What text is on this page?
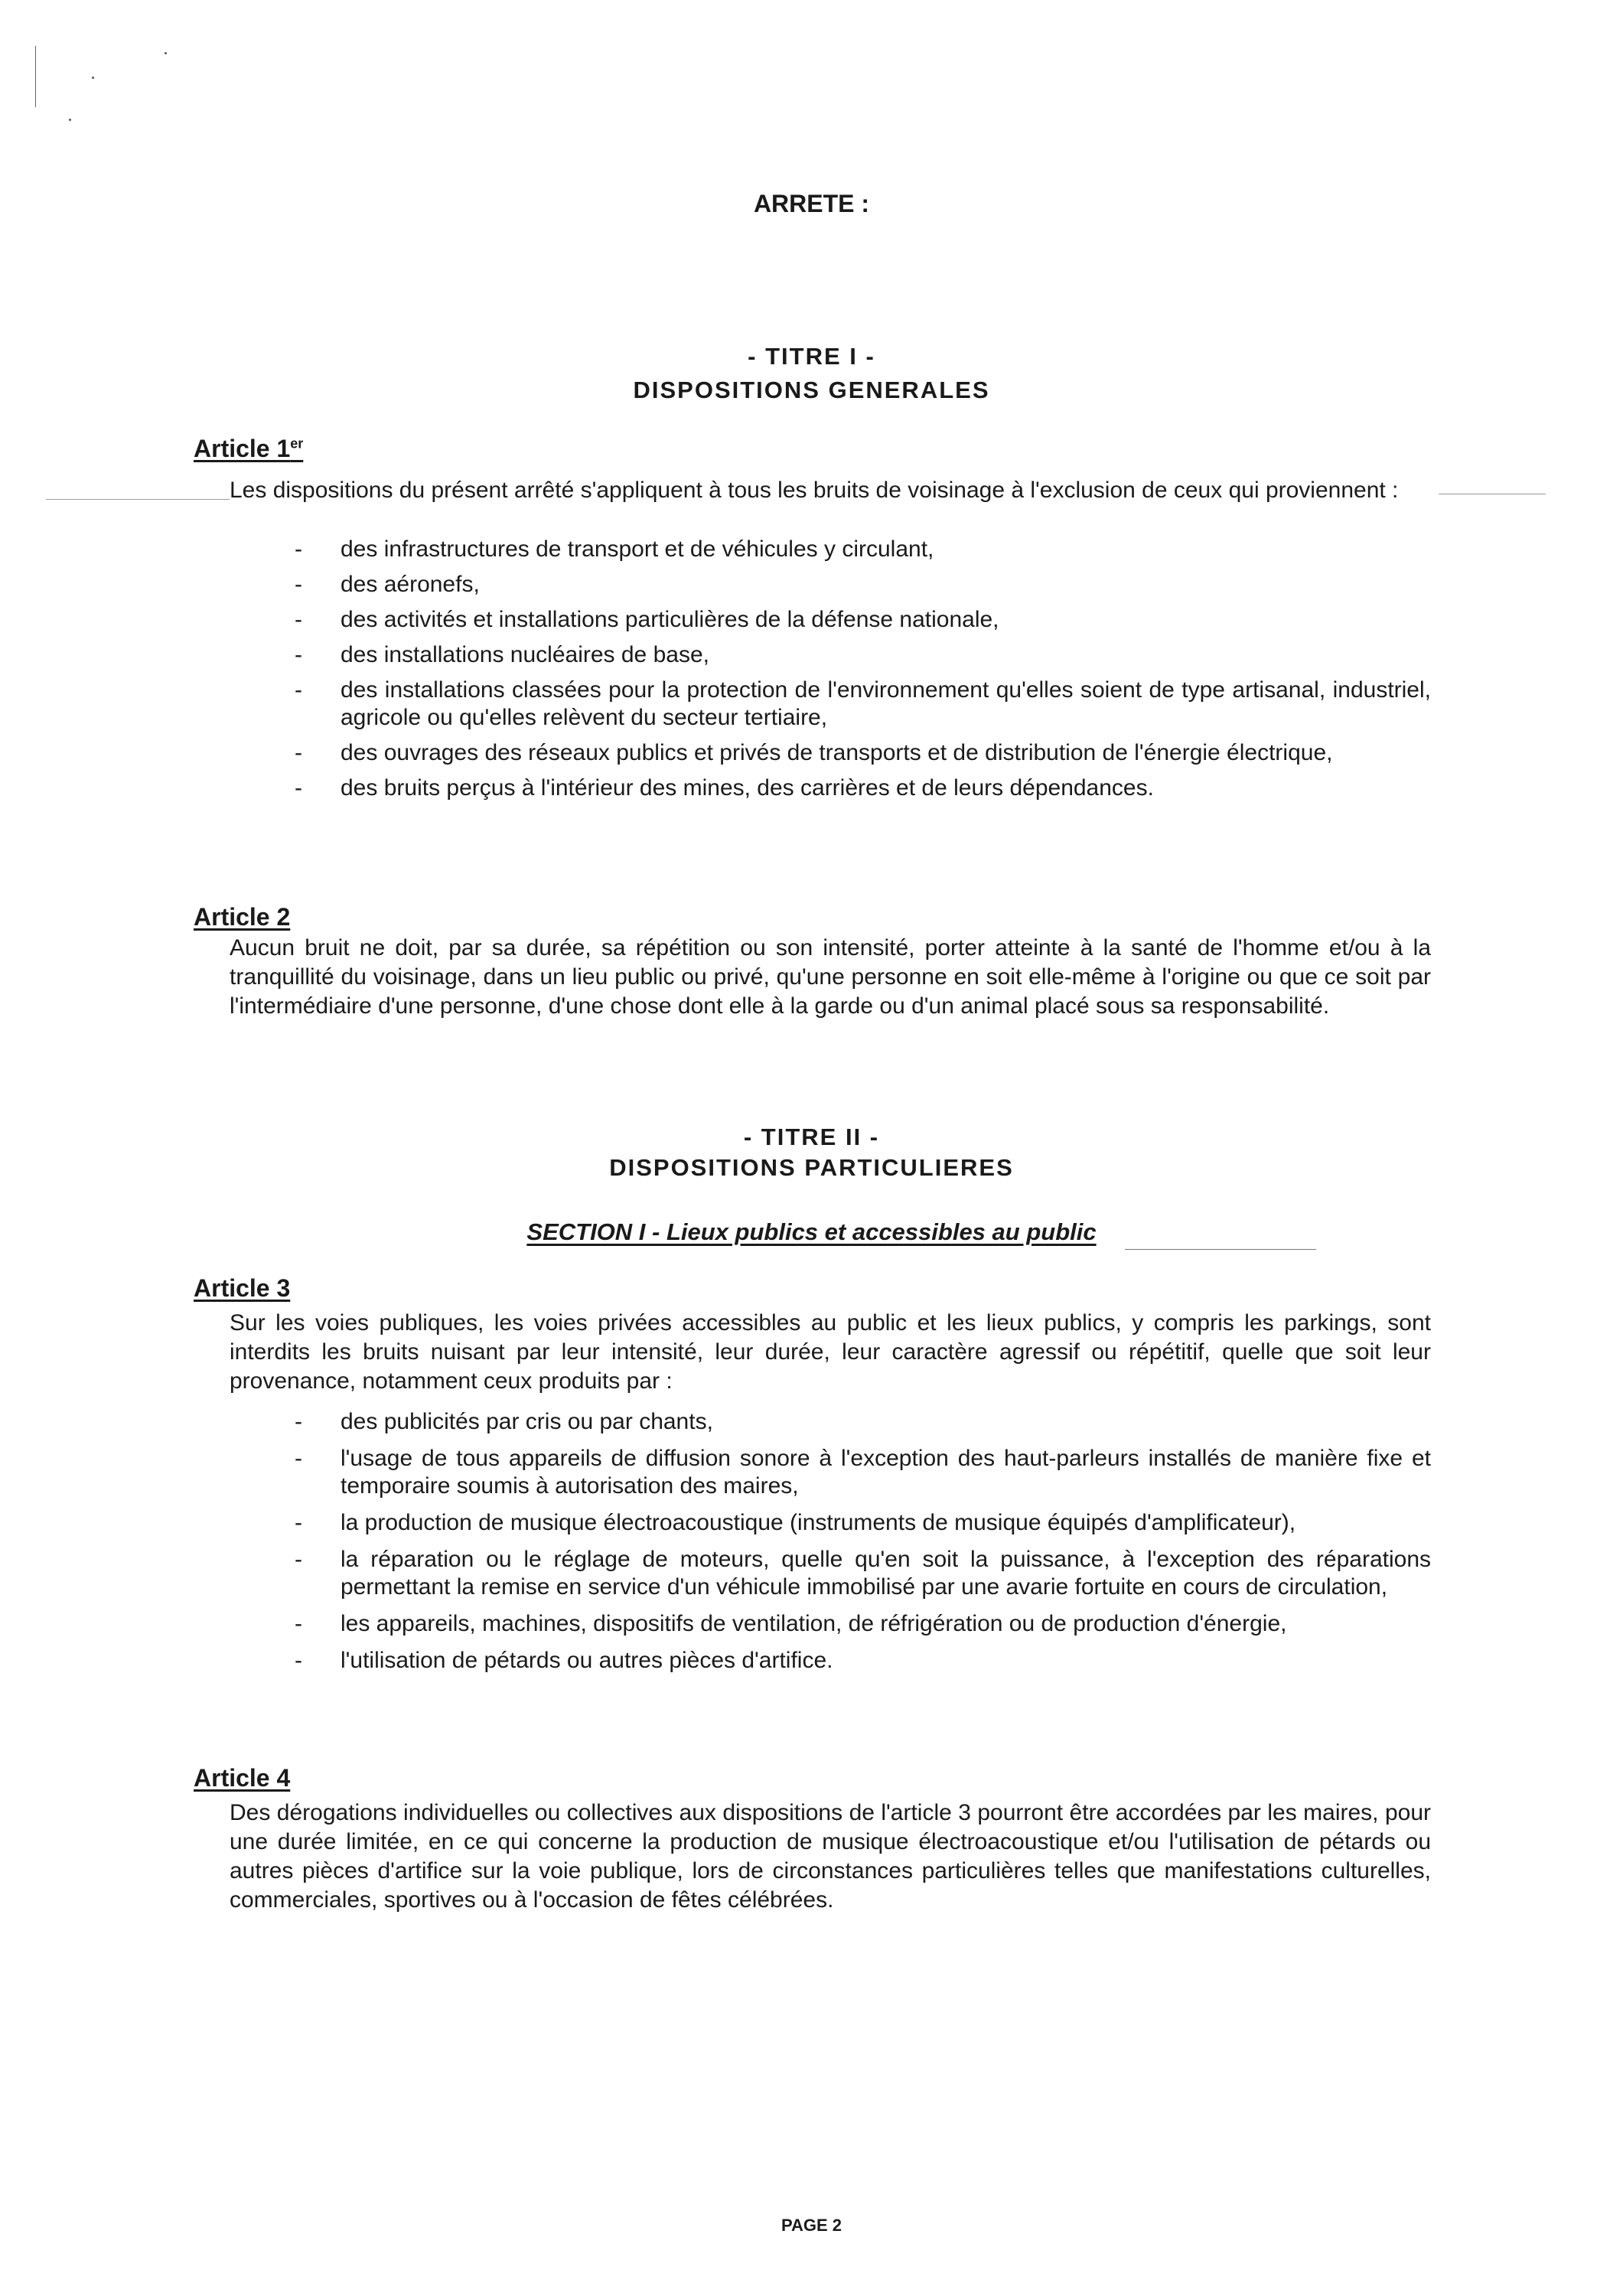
ARRETE :
- TITRE I -
DISPOSITIONS GENERALES
Article 1er
Les dispositions du présent arrêté s'appliquent à tous les bruits de voisinage à l'exclusion de ceux qui proviennent :
- des infrastructures de transport et de véhicules y circulant,
- des aéronefs,
- des activités et installations particulières de la défense nationale,
- des installations nucléaires de base,
- des installations classées pour la protection de l'environnement qu'elles soient de type artisanal, industriel, agricole ou qu'elles relèvent du secteur tertiaire,
- des ouvrages des réseaux publics et privés de transports et de distribution de l'énergie électrique,
- des bruits perçus à l'intérieur des mines, des carrières et de leurs dépendances.
Article 2
Aucun bruit ne doit, par sa durée, sa répétition ou son intensité, porter atteinte à la santé de l'homme et/ou à la tranquillité du voisinage, dans un lieu public ou privé, qu'une personne en soit elle-même à l'origine ou que ce soit par l'intermédiaire d'une personne, d'une chose dont elle à la garde ou d'un animal placé sous sa responsabilité.
- TITRE II -
DISPOSITIONS PARTICULIERES
SECTION I - Lieux publics et accessibles au public
Article 3
Sur les voies publiques, les voies privées accessibles au public et les lieux publics, y compris les parkings, sont interdits les bruits nuisant par leur intensité, leur durée, leur caractère agressif ou répétitif, quelle que soit leur provenance, notamment ceux produits par :
- des publicités par cris ou par chants,
- l'usage de tous appareils de diffusion sonore à l'exception des haut-parleurs installés de manière fixe et temporaire soumis à autorisation des maires,
- la production de musique électroacoustique (instruments de musique équipés d'amplificateur),
- la réparation ou le réglage de moteurs, quelle qu'en soit la puissance, à l'exception des réparations permettant la remise en service d'un véhicule immobilisé par une avarie fortuite en cours de circulation,
- les appareils, machines, dispositifs de ventilation, de réfrigération ou de production d'énergie,
- l'utilisation de pétards ou autres pièces d'artifice.
Article 4
Des dérogations individuelles ou collectives aux dispositions de l'article 3 pourront être accordées par les maires, pour une durée limitée, en ce qui concerne la production de musique électroacoustique et/ou l'utilisation de pétards ou autres pièces d'artifice sur la voie publique, lors de circonstances particulières telles que manifestations culturelles, commerciales, sportives ou à l'occasion de fêtes célébrées.
PAGE 2
